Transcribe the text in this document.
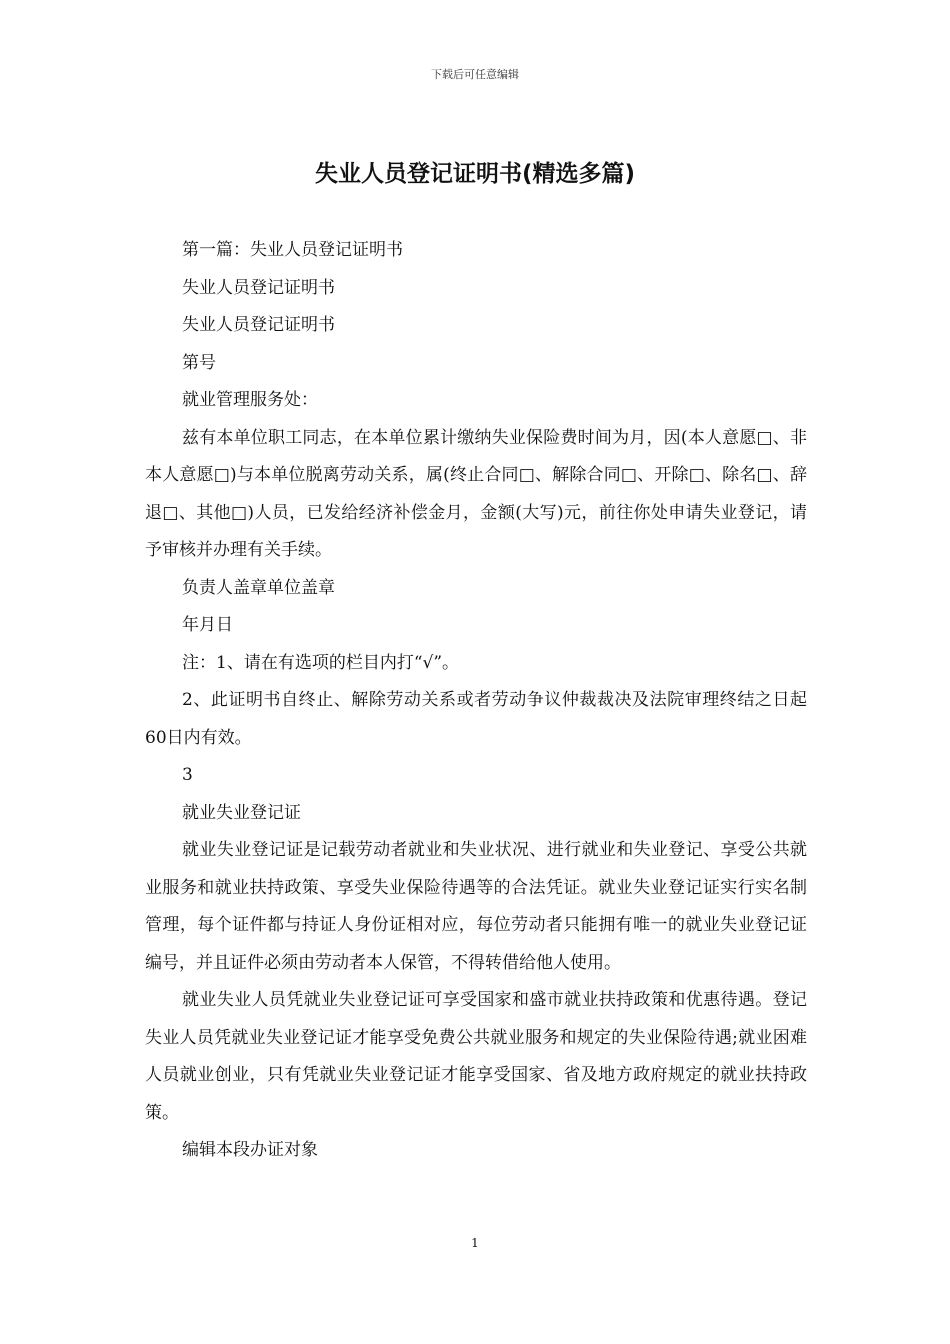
下载后可任意编辑
失业人员登记证明书(精选多篇)

第一篇：失业人员登记证明书

失业人员登记证明书

失业人员登记证明书

第号

就业管理服务处：

兹有本单位职工同志，在本单位累计缴纳失业保险费时间为月，因(本人意愿□、非本人意愿□)与本单位脱离劳动关系，属(终止合同□、解除合同□、开除□、除名□、辞退□、其他□)人员，已发给经济补偿金月，金额(大写)元，前往你处申请失业登记，请予审核并办理有关手续。

负责人盖章单位盖章

年月日

注：1、请在有选项的栏目内打“√”。

2、此证明书自终止、解除劳动关系或者劳动争议仲裁裁决及法院审理终结之日起60日内有效。

3

就业失业登记证

就业失业登记证是记载劳动者就业和失业状况、进行就业和失业登记、享受公共就业服务和就业扶持政策、享受失业保险待遇等的合法凭证。就业失业登记证实行实名制管理，每个证件都与持证人身份证相对应，每位劳动者只能拥有唯一的就业失业登记证编号，并且证件必须由劳动者本人保管，不得转借给他人使用。

就业失业人员凭就业失业登记证可享受国家和盛市就业扶持政策和优惠待遇。登记失业人员凭就业失业登记证才能享受免费公共就业服务和规定的失业保险待遇;就业困难人员就业创业，只有凭就业失业登记证才能享受国家、省及地方政府规定的就业扶持政策。

编辑本段办证对象

1
